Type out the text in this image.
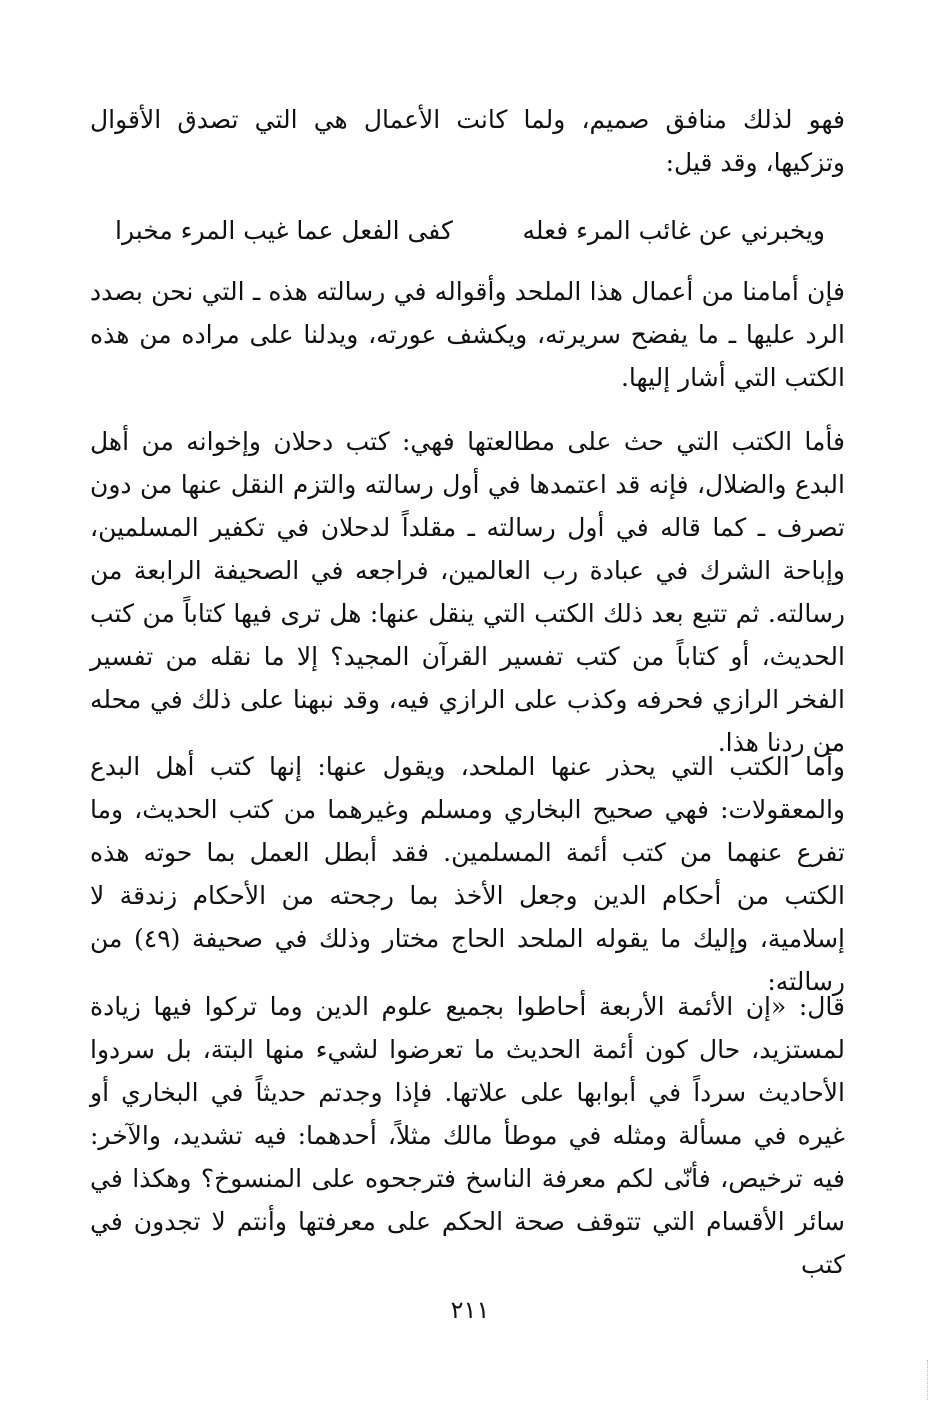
فهو لذلك منافق صميم، ولما كانت الأعمال هي التي تصدق الأقوال وتزكيها، وقد قيل:

ويخبرني عن غائب المرء فعله
كفى الفعل عما غيب المرء مخبرا

فإن أمامنا من أعمال هذا الملحد وأقواله في رسالته هذه ـ التي نحن بصدد الرد عليها ـ ما يفضح سريرته، ويكشف عورته، ويدلنا على مراده من هذه الكتب التي أشار إليها.

فأما الكتب التي حث على مطالعتها فهي: كتب دحلان وإخوانه من أهل البدع والضلال، فإنه قد اعتمدها في أول رسالته والتزم النقل عنها من دون تصرف ـ كما قاله في أول رسالته ـ مقلداً لدحلان في تكفير المسلمين، وإباحة الشرك في عبادة رب العالمين، فراجعه في الصحيفة الرابعة من رسالته. ثم تتبع بعد ذلك الكتب التي ينقل عنها: هل ترى فيها كتاباً من كتب الحديث، أو كتاباً من كتب تفسير القرآن المجيد؟ إلا ما نقله من تفسير الفخر الرازي فحرفه وكذب على الرازي فيه، وقد نبهنا على ذلك في محله من ردنا هذا.

وأما الكتب التي يحذر عنها الملحد، ويقول عنها: إنها كتب أهل البدع والمعقولات: فهي صحيح البخاري ومسلم وغيرهما من كتب الحديث، وما تفرع عنهما من كتب أئمة المسلمين. فقد أبطل العمل بما حوته هذه الكتب من أحكام الدين وجعل الأخذ بما رجحته من الأحكام زندقة لا إسلامية، وإليك ما يقوله الملحد الحاج مختار وذلك في صحيفة (٤٩) من رسالته:

قال: «إن الأئمة الأربعة أحاطوا بجميع علوم الدين وما تركوا فيها زيادة لمستزيد، حال كون أئمة الحديث ما تعرضوا لشيء منها البتة، بل سردوا الأحاديث سرداً في أبوابها على علاتها. فإذا وجدتم حديثاً في البخاري أو غيره في مسألة ومثله في موطأ مالك مثلاً، أحدهما: فيه تشديد، والآخر: فيه ترخيص، فأنّى لكم معرفة الناسخ فترجحوه على المنسوخ؟ وهكذا في سائر الأقسام التي تتوقف صحة الحكم على معرفتها وأنتم لا تجدون في كتب

٢١١
